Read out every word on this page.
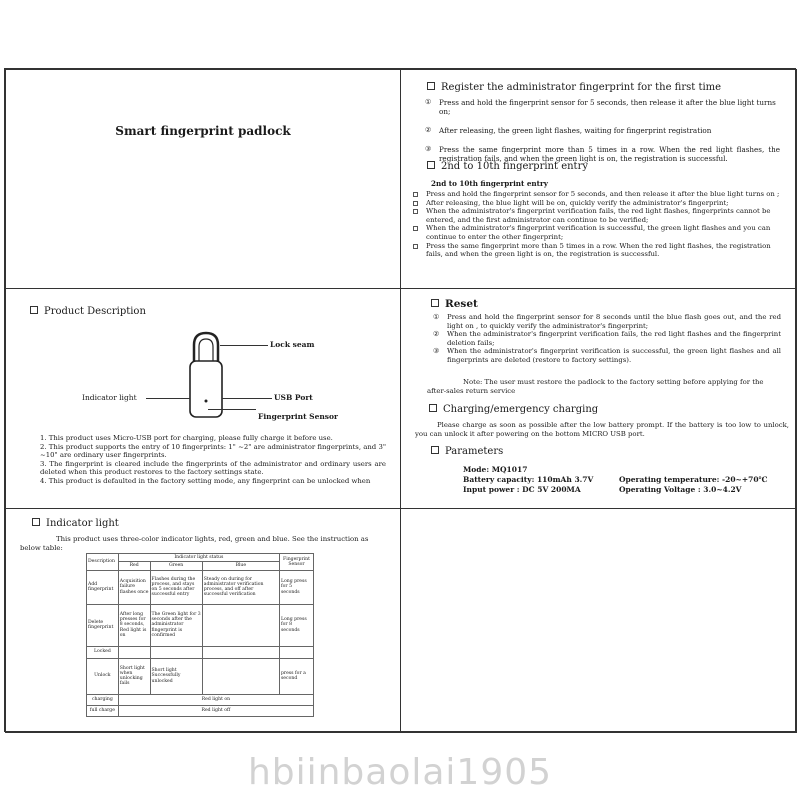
Smart fingerprint padlock
Register the administrator fingerprint for the first time
①	Press and hold the fingerprint sensor for 5 seconds, then release it after the blue light turns on;
②	After releasing, the green light flashes, waiting for fingerprint registration
③	Press the same fingerprint more than 5 times in a row. When the red light flashes, the registration fails, and when the green light is on, the registration is successful.
2nd to 10th fingerprint entry
2nd to 10th fingerprint entry
Press and hold the fingerprint sensor for 5 seconds, and then release it after the blue light turns on ;
After releasing, the blue light will be on, quickly verify the administrator's fingerprint;
When the administrator's fingerprint verification fails, the red light flashes, fingerprints cannot be entered, and the first administrator can continue to be verified;
When the administrator's fingerprint verification is successful, the green light flashes and you can continue to enter the other fingerprint;
Press the same fingerprint more than 5 times in a row. When the red light flashes, the registration fails, and when the green light is on, the registration is successful.
Product Description
Lock seam
Indicator light	USB Port
Fingerprint Sensor
1. This product uses Micro-USB port for charging, please fully charge it before use.
2. This product supports the entry of 10 fingerprints: 1" ~2" are administrator fingerprints, and 3" ~10" are ordinary user fingerprints.
3. The fingerprint is cleared include the fingerprints of the administrator and ordinary users are deleted when this product restores to the factory settings state.
4. This product is defaulted in the factory setting mode, any fingerprint can be unlocked when
Reset
①	Press and hold the fingerprint sensor for 8 seconds until the blue flash goes out, and the red light on , to quickly verify the administrator's fingerprint;
②	When the administrator's fingerprint verification fails, the red light flashes and the fingerprint deletion fails;
③	When the administrator's fingerprint verification is successful, the green light flashes and all fingerprints are deleted (restore to factory settings).
Note: The user must restore the padlock to the factory setting before applying for the after-sales return service
Charging/emergency charging
Please charge as soon as possible after the low battery prompt. If the battery is too low to unlock, you can unlock it after powering on the bottom MICRO USB port.
Parameters
Mode: MQ1017
Battery capacity: 110mAh 3.7V
Input power : DC 5V 200MA
Operating temperature: -20~+70℃
Operating Voltage : 3.0~4.2V
Indicator light
This product uses three-color indicator lights, red, green and blue. See the instruction as below table:
Description	Indicator light status			Fingerprint Sensor
	Red	Green	Blue	
Add fingerprint	Acquisition failure flashes once	Flashes during the process, and stays on 5 seconds after successful entry	Steady on during for administrator verification process, and off after successful verification	Long press for 5 seconds
Delete fingerprint	After long presses for 8 seconds, Red light is on	The Green light for 3 seconds after the administrator fingerprint is confirmed		Long press for 8 seconds
Locked				
Unlock	Short light when unlocking fails	Short light Successfully unlocked		press for a second
charging	Red light on			
full charge	Red light off			
hbiinbaolai1905
